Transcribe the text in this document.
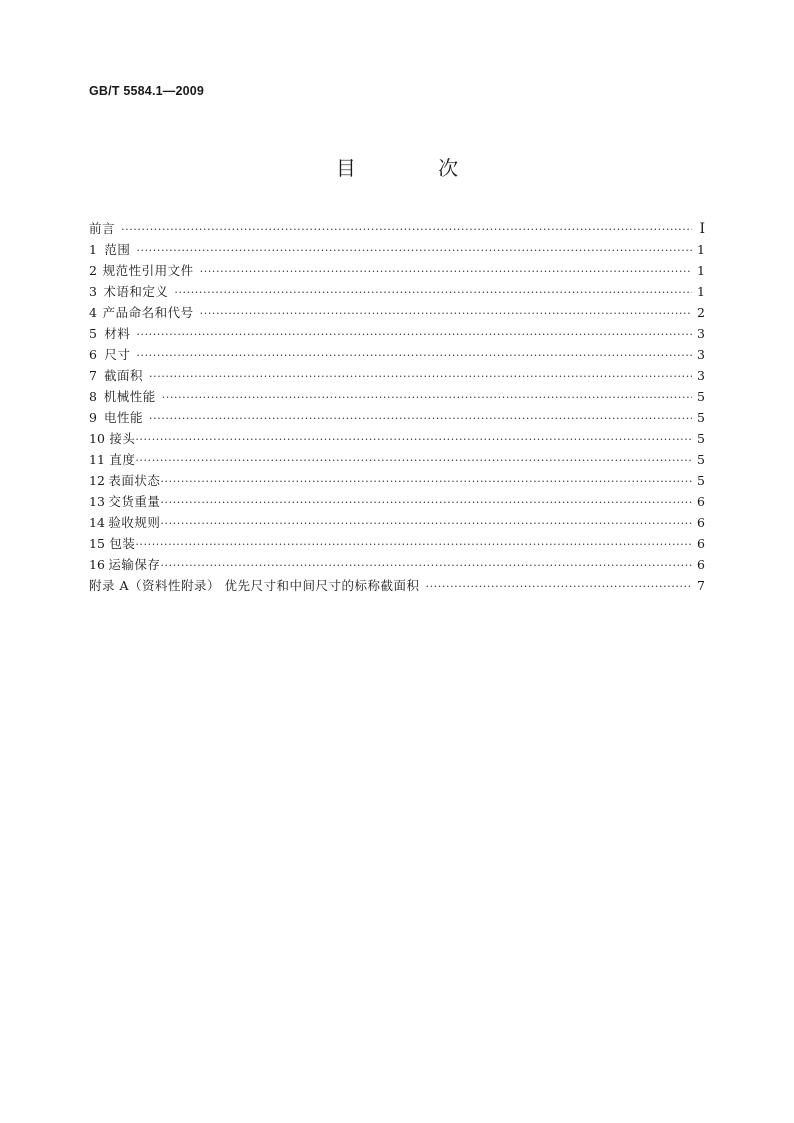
GB/T 5584.1—2009
目 次
前言 ·····	I
1 范围 ·····	1
2 规范性引用文件 ·····	1
3 术语和定义 ·····	1
4 产品命名和代号 ·····	2
5 材料 ·····	3
6 尺寸 ·····	3
7 截面积 ·····	3
8 机械性能 ·····	5
9 电性能 ·····	5
10 接头 ·····	5
11 直度 ·····	5
12 表面状态 ·····	5
13 交货重量 ·····	6
14 验收规则 ·····	6
15 包装 ·····	6
16 运输保存 ·····	6
附录 A（资料性附录） 优先尺寸和中间尺寸的标称截面积 ·····	7
